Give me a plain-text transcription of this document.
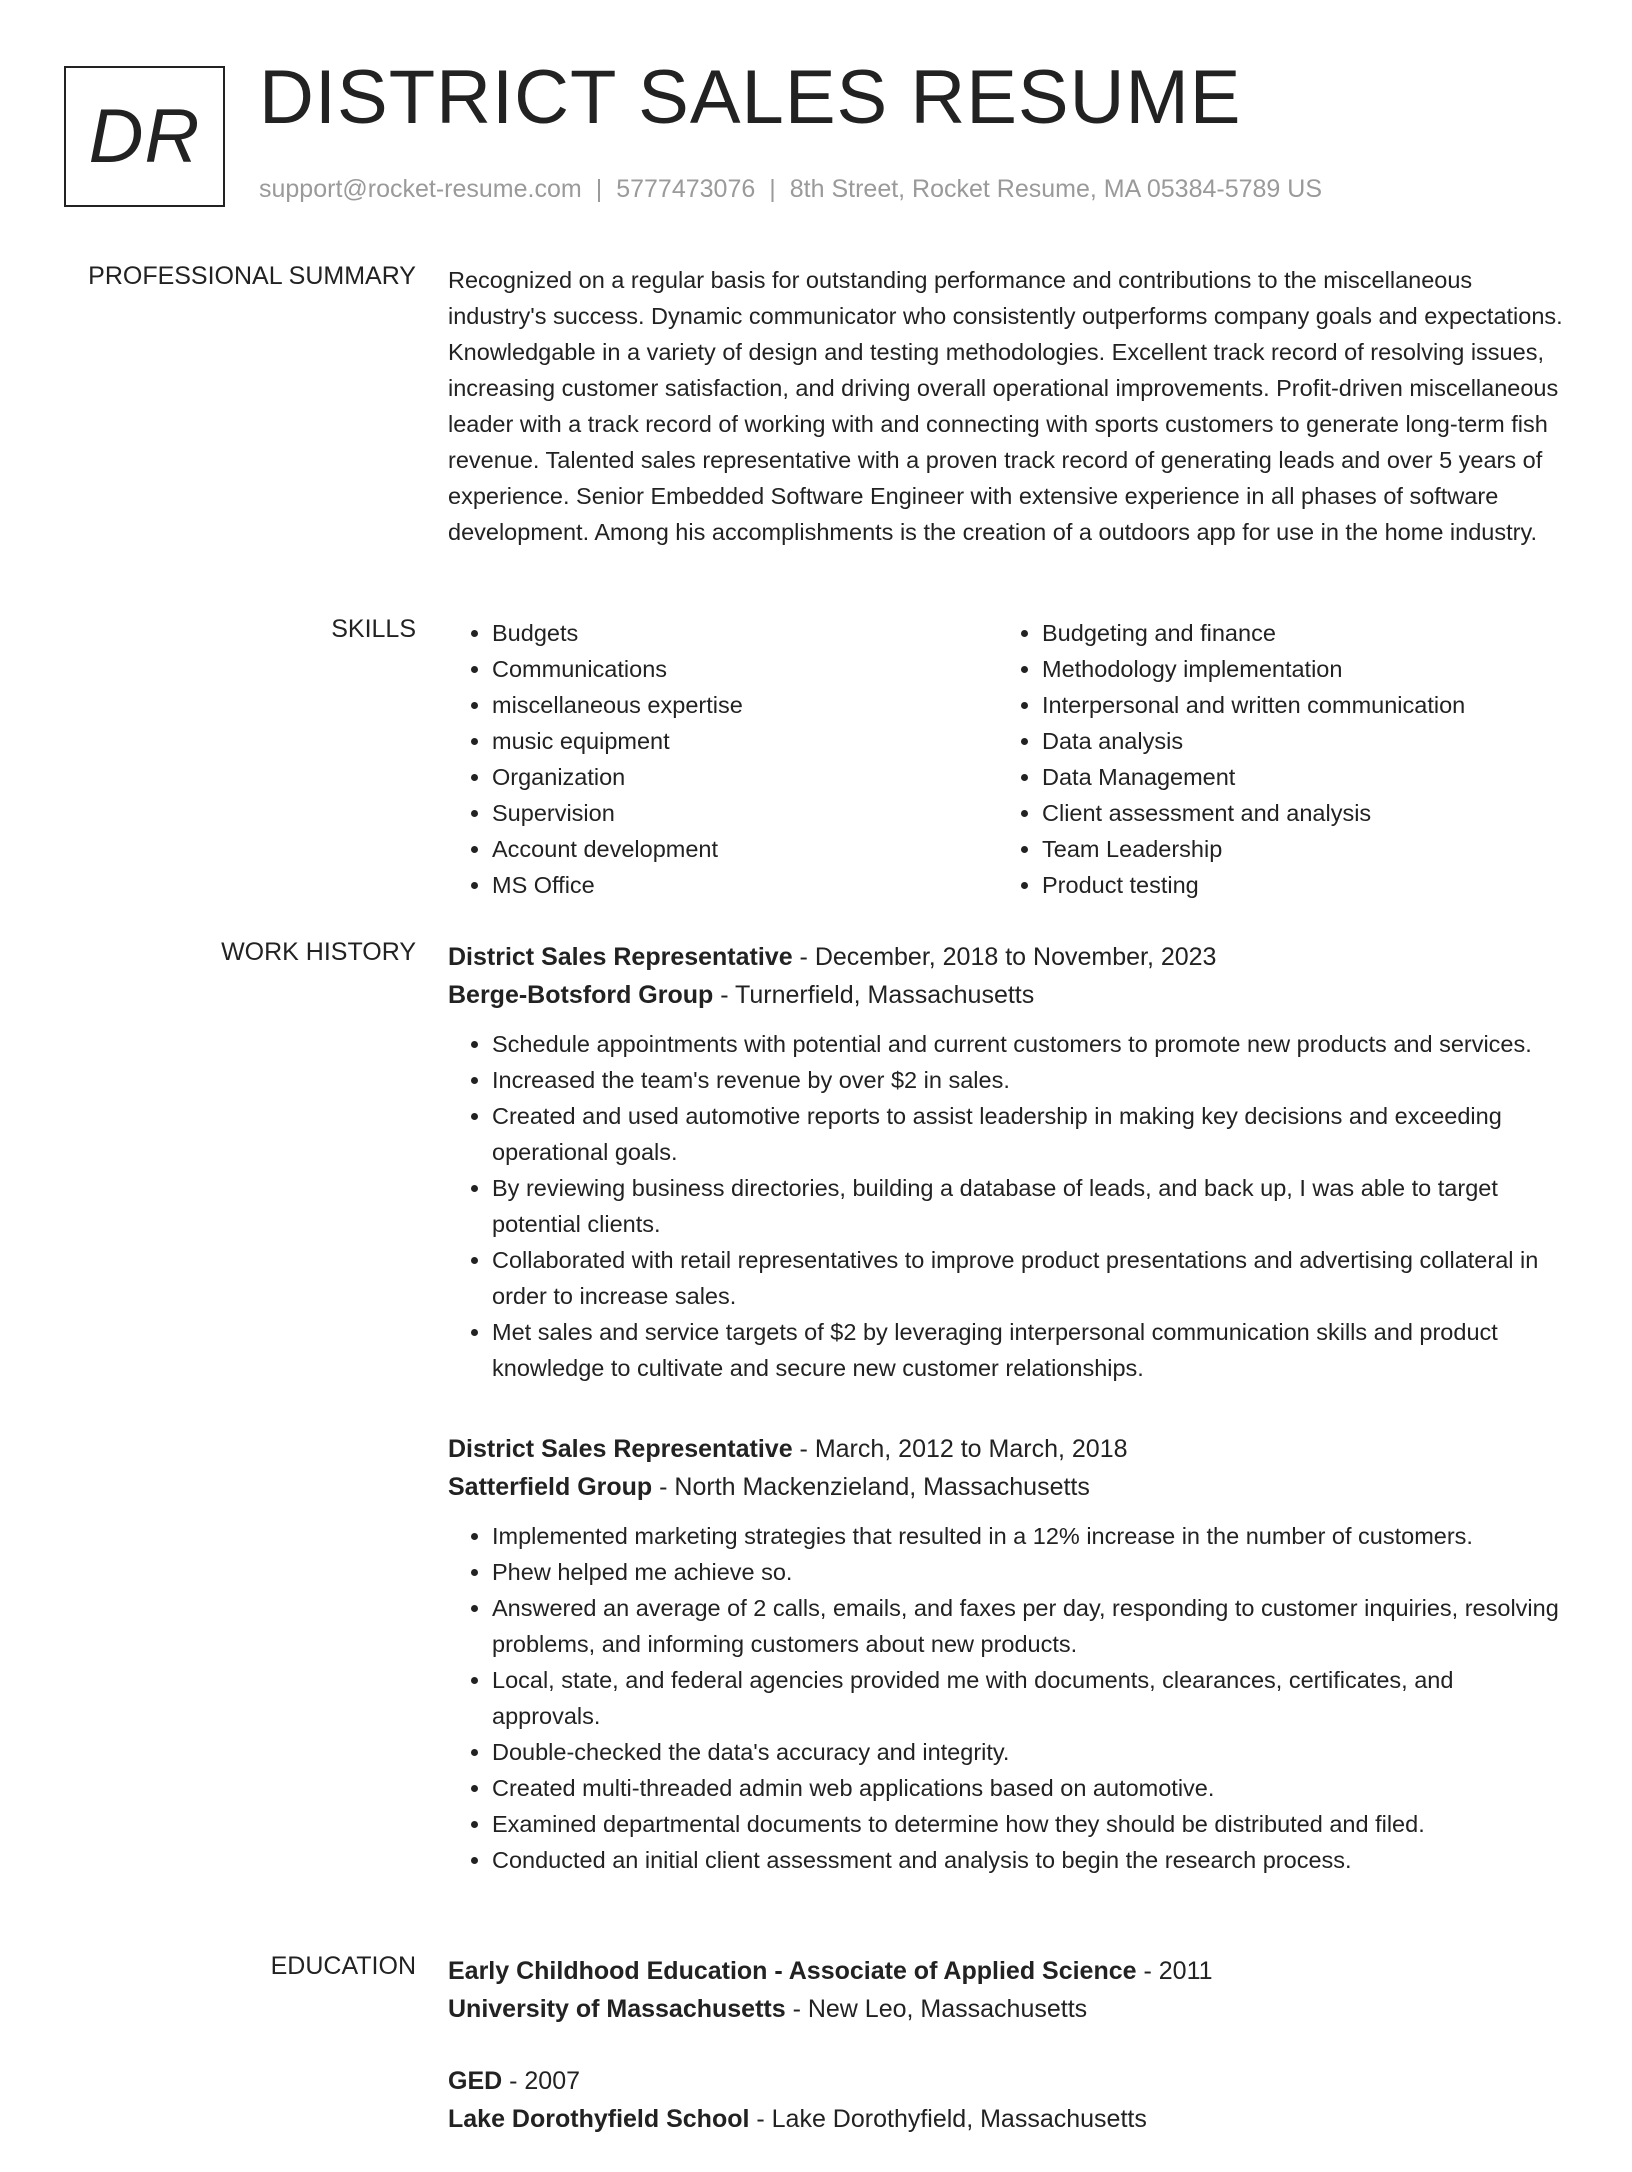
DR DISTRICT SALES RESUME
support@rocket-resume.com | 5777473076 | 8th Street, Rocket Resume, MA 05384-5789 US
PROFESSIONAL SUMMARY Recognized on a regular basis for outstanding performance and contributions to the miscellaneous industry's success. Dynamic communicator who consistently outperforms company goals and expectations. Knowledgable in a variety of design and testing methodologies. Excellent track record of resolving issues, increasing customer satisfaction, and driving overall operational improvements. Profit-driven miscellaneous leader with a track record of working with and connecting with sports customers to generate long-term fish revenue. Talented sales representative with a proven track record of generating leads and over 5 years of experience. Senior Embedded Software Engineer with extensive experience in all phases of software development. Among his accomplishments is the creation of a outdoors app for use in the home industry.

SKILLS
•	Budgets
• Communications
• miscellaneous expertise
• music equipment
• Organization
• Supervision
• Account development
• MS Office
• Budgeting and finance
• Methodology implementation
• Interpersonal and written communication
• Data analysis
• Data Management
• Client assessment and analysis
• Team Leadership
• Product testing
WORK HISTORY District Sales Representative - December, 2018 to November, 2023
Berge-Botsford Group - Turnerfield, Massachusetts
• Schedule appointments with potential and current customers to promote new products and services.
• Increased the team's revenue by over $2 in sales.
• Created and used automotive reports to assist leadership in making key decisions and exceeding operational goals.
• By reviewing business directories, building a database of leads, and back up, I was able to target potential clients.
• Collaborated with retail representatives to improve product presentations and advertising collateral in order to increase sales.
• Met sales and service targets of $2 by leveraging interpersonal communication skills and product knowledge to cultivate and secure new customer relationships.
District Sales Representative - March, 2012 to March, 2018
Satterfield Group - North Mackenzieland, Massachusetts
• Implemented marketing strategies that resulted in a 12% increase in the number of customers.
• Phew helped me achieve so.
• Answered an average of 2 calls, emails, and faxes per day, responding to customer inquiries, resolving problems, and informing customers about new products.
• Local, state, and federal agencies provided me with documents, clearances, certificates, and approvals.
• Double-checked the data's accuracy and integrity.
• Created multi-threaded admin web applications based on automotive.
• Examined departmental documents to determine how they should be distributed and filed.
• Conducted an initial client assessment and analysis to begin the research process.
EDUCATION Early Childhood Education - Associate of Applied Science - 2011
University of Massachusetts - New Leo, Massachusetts
GED - 2007
Lake Dorothyfield School - Lake Dorothyfield, Massachusetts
